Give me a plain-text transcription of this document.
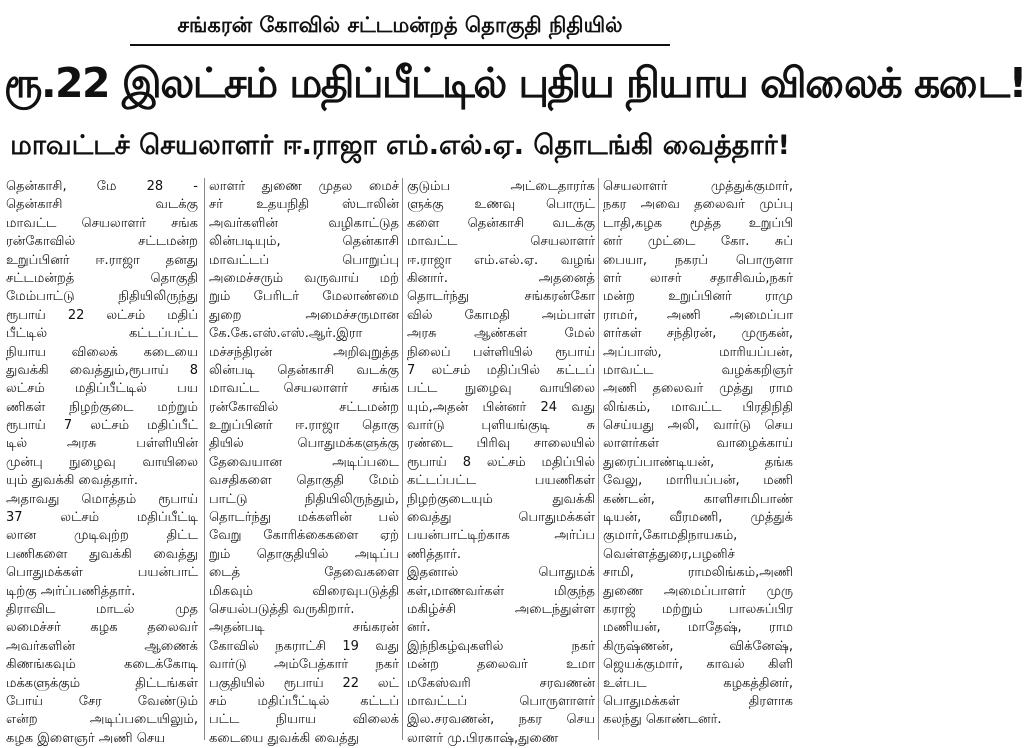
சங்கரன் கோவில் சட்டமன்றத் தொகுதி நிதியில்
ரூ.22 இலட்சம் மதிப்பீட்டில் புதிய நியாய விலைக் கடை!
மாவட்டச் செயலாளர் ஈ.ராஜா எம்.எல்.ஏ. தொடங்கி வைத்தார்!
தென்காசி, மே 28 -
தென்காசி வடக்கு
மாவட்ட செயலாளர் சங்க
ரன்கோவில் சட்டமன்ற
உறுப்பினர் ஈ.ராஜா தனது
சட்டமன்றத் தொகுதி
மேம்பாட்டு நிதியிலிருந்து
ரூபாய் 22 லட்சம் மதிப்
பீட்டில் கட்டப்பட்ட
நியாய விலைக் கடையை
துவக்கி வைத்தும்,ரூபாய் 8
லட்சம் மதிப்பீட்டில் பய
ணிகள் நிழற்குடை மற்றும்
ரூபாய் 7 லட்சம் மதிப்பீட்
டில் அரசு பள்ளியின்
முன்பு நுழைவு வாயிலை
யும் துவக்கி வைத்தார்.
அதாவது மொத்தம் ரூபாய்
37 லட்சம் மதிப்பீட்டி
லான முடிவுற்ற திட்ட
பணிகளை துவக்கி வைத்து
பொதுமக்கள் பயன்பாட்
டிற்கு அர்ப்பணித்தார்.
திராவிட மாடல் முத
லமைச்சர் கழக தலைவர்
அவர்களின் ஆணைக்
கிணங்கவும் கடைக்கோடி
மக்களுக்கும் திட்டங்கள்
போய் சேர வேண்டும்
என்ற அடிப்படையிலும்,
கழக இளைஞர் அணி செய
லாளர் துணை முதல மைச்
சர் உதயநிதி ஸ்டாலின்
அவர்களின் வழிகாட்டுத
லின்படியும், தென்காசி
மாவட்டப் பொறுப்பு
அமைச்சரும் வருவாய் மற்
றும் பேரிடர் மேலாண்மை
துறை அமைச்சருமான
கே.கே.எஸ்.எஸ்.ஆர்.இரா
மச்சந்திரன் அறிவுறுத்த
லின்படி தென்காசி வடக்கு
மாவட்ட செயலாளர் சங்க
ரன்கோவில் சட்டமன்ற
உறுப்பினர் ஈ.ராஜா தொகு
தியில் பொதுமக்களுக்கு
தேவையான அடிப்படை
வசதிகளை தொகுதி மேம்
பாட்டு நிதியிலிருந்தும்,
தொடர்ந்து மக்களின் பல்
வேறு கோரிக்கைகளை ஏற்
றும் தொகுதியில் அடிப்ப
டைத் தேவைகளை
மிகவும் விரைவுபடுத்தி
செயல்படுத்தி வருகிறார்.
அதன்படி சங்கரன்
கோவில் நகராட்சி 19 வது
வார்டு அம்பேத்கார் நகர்
பகுதியில் ரூபாய் 22 லட்
சம் மதிப்பீட்டில் கட்டப்
பட்ட நியாய விலைக்
கடையை துவக்கி வைத்து
குடும்ப அட்டைதாரர்க
ளுக்கு உணவு பொருட்
களை தென்காசி வடக்கு
மாவட்ட செயலாளர்
ஈ.ராஜா எம்.எல்.ஏ. வழங்
கினார். அதனைத்
தொடர்ந்து சங்கரன்கோ
வில் கோமதி அம்பாள்
அரசு ஆண்கள் மேல்
நிலைப் பள்ளியில் ரூபாய்
7 லட்சம் மதிப்பில் கட்டப்
பட்ட நுழைவு வாயிலை
யும்,அதன் பின்னர் 24 வது
வார்டு புளியங்குடி சு
ரண்டை பிரிவு சாலையில்
ரூபாய் 8 லட்சம் மதிப்பில்
கட்டப்பட்ட பயணிகள்
நிழற்குடையும் துவக்கி
வைத்து பொதுமக்கள்
பயன்பாட்டிற்காக அர்ப்ப
ணித்தார்.
இதனால் பொதுமக்
கள்,மாணவர்கள் மிகுந்த
மகிழ்ச்சி அடைந்துள்ள
னர்.
இந்நிகழ்வுகளில் நகர்
மன்ற தலைவர் உமா
மகேஸ்வரி சரவணன்
மாவட்டப் பொருளாளர்
இல.சரவணன், நகர செய
லாளர் மு.பிரகாஷ்,துணை
செயலாளர் முத்துக்குமார்,
நகர அவை தலைவர் முப்பு
டாதி,கழக மூத்த உறுப்பி
னர் முட்டை கோ. சுப்
பையா, நகரப் பொருளா
ளர் லாசர் சதாசிவம்,நகர்
மன்ற உறுப்பினர் ராமு
ராமர், அணி அமைப்பா
ளர்கள் சந்திரன், முருகன்,
அப்பாஸ், மாரியப்பன்,
மாவட்ட வழக்கறிஞர்
அணி தலைவர் முத்து ராம
லிங்கம், மாவட்ட பிரதிநிதி
செய்யது அலி, வார்டு செய
லாளர்கள் வாழைக்காய்
துரைப்பாண்டியன், தங்க
வேலு, மாரியப்பன், மணி
கண்டன், காளிசாமிபாண்
டியன், வீரமணி, முத்துக்
குமார்,கோமதிநாயகம்,
வெள்ளத்துரை,பழனிச்
சாமி, ராமலிங்கம்,அணி
துணை அமைப்பாளர் முரு
கராஜ் மற்றும் பாலசுப்பிர
மணியன், மாதேஷ், ராம
கிருஷ்ணன், விக்னேஷ்,
ஜெயக்குமார், காவல் கிளி
உள்பட கழகத்தினர்,
பொதுமக்கள் திரளாக
கலந்து கொண்டனர்.
